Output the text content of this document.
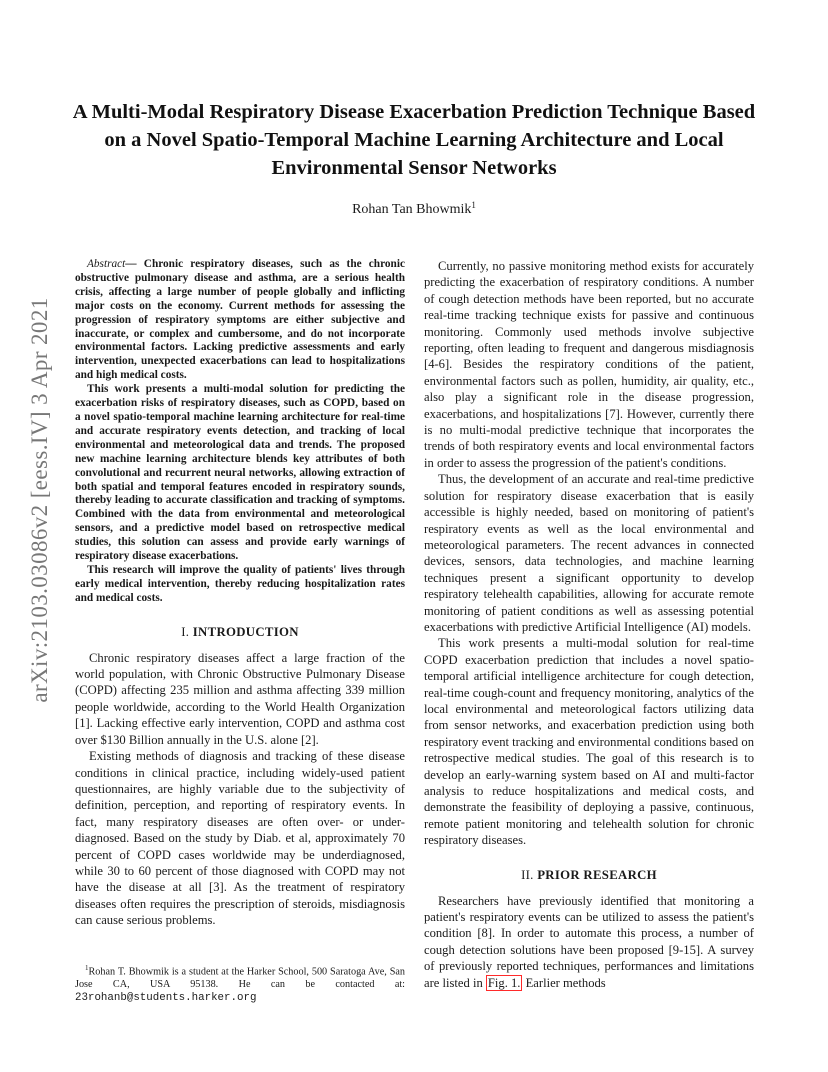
arXiv:2103.03086v2 [eess.IV] 3 Apr 2021
A Multi-Modal Respiratory Disease Exacerbation Prediction Technique Based on a Novel Spatio-Temporal Machine Learning Architecture and Local Environmental Sensor Networks
Rohan Tan Bhowmik$^1$

Abstract— Chronic respiratory diseases, such as the chronic obstructive pulmonary disease and asthma, are a serious health crisis, affecting a large number of people globally and inflicting major costs on the economy. Current methods for assessing the progression of respiratory symptoms are either subjective and inaccurate, or complex and cumbersome, and do not incorporate environmental factors. Lacking predictive assessments and early intervention, unexpected exacerbations can lead to hospitalizations and high medical costs.

This work presents a multi-modal solution for predicting the exacerbation risks of respiratory diseases, such as COPD, based on a novel spatio-temporal machine learning architecture for real-time and accurate respiratory events detection, and tracking of local environmental and meteorological data and trends. The proposed new machine learning architecture blends key attributes of both convolutional and recurrent neural networks, allowing extraction of both spatial and temporal features encoded in respiratory sounds, thereby leading to accurate classification and tracking of symptoms. Combined with the data from environmental and meteorological sensors, and a predictive model based on retrospective medical studies, this solution can assess and provide early warnings of respiratory disease exacerbations.

This research will improve the quality of patients' lives through early medical intervention, thereby reducing hospitalization rates and medical costs.

I. INTRODUCTION

Chronic respiratory diseases affect a large fraction of the world population, with Chronic Obstructive Pulmonary Disease (COPD) affecting 235 million and asthma affecting 339 million people worldwide, according to the World Health Organization [1]. Lacking effective early intervention, COPD and asthma cost over $130 Billion annually in the U.S. alone [2].

Existing methods of diagnosis and tracking of these disease conditions in clinical practice, including widely-used patient questionnaires, are highly variable due to the subjectivity of definition, perception, and reporting of respiratory events. In fact, many respiratory diseases are often over- or under-diagnosed. Based on the study by Diab. et al, approximately 70 percent of COPD cases worldwide may be underdiagnosed, while 30 to 60 percent of those diagnosed with COPD may not have the disease at all [3]. As the treatment of respiratory diseases often requires the prescription of steroids, misdiagnosis can cause serious problems.

$^1$Rohan T. Bhowmik is a student at the Harker School, 500 Saratoga Ave, San Jose CA, USA 95138. He can be contacted at: 23rohanb@students.harker.org

Currently, no passive monitoring method exists for accurately predicting the exacerbation of respiratory conditions. A number of cough detection methods have been reported, but no accurate real-time tracking technique exists for passive and continuous monitoring. Commonly used methods involve subjective reporting, often leading to frequent and dangerous misdiagnosis [4-6]. Besides the respiratory conditions of the patient, environmental factors such as pollen, humidity, air quality, etc., also play a significant role in the disease progression, exacerbations, and hospitalizations [7]. However, currently there is no multi-modal predictive technique that incorporates the trends of both respiratory events and local environmental factors in order to assess the progression of the patient's conditions.

Thus, the development of an accurate and real-time predictive solution for respiratory disease exacerbation that is easily accessible is highly needed, based on monitoring of patient's respiratory events as well as the local environmental and meteorological parameters. The recent advances in connected devices, sensors, data technologies, and machine learning techniques present a significant opportunity to develop respiratory telehealth capabilities, allowing for accurate remote monitoring of patient conditions as well as assessing potential exacerbations with predictive Artificial Intelligence (AI) models.

This work presents a multi-modal solution for real-time COPD exacerbation prediction that includes a novel spatio-temporal artificial intelligence architecture for cough detection, real-time cough-count and frequency monitoring, analytics of the local environmental and meteorological factors utilizing data from sensor networks, and exacerbation prediction using both respiratory event tracking and environmental conditions based on retrospective medical studies. The goal of this research is to develop an early-warning system based on AI and multi-factor analysis to reduce hospitalizations and medical costs, and demonstrate the feasibility of deploying a passive, continuous, remote patient monitoring and telehealth solution for chronic respiratory diseases.

II. PRIOR RESEARCH

Researchers have previously identified that monitoring a patient's respiratory events can be utilized to assess the patient's condition [8]. In order to automate this process, a number of cough detection solutions have been proposed [9-15]. A survey of previously reported techniques, performances and limitations are listed in Fig. 1. Earlier methods
